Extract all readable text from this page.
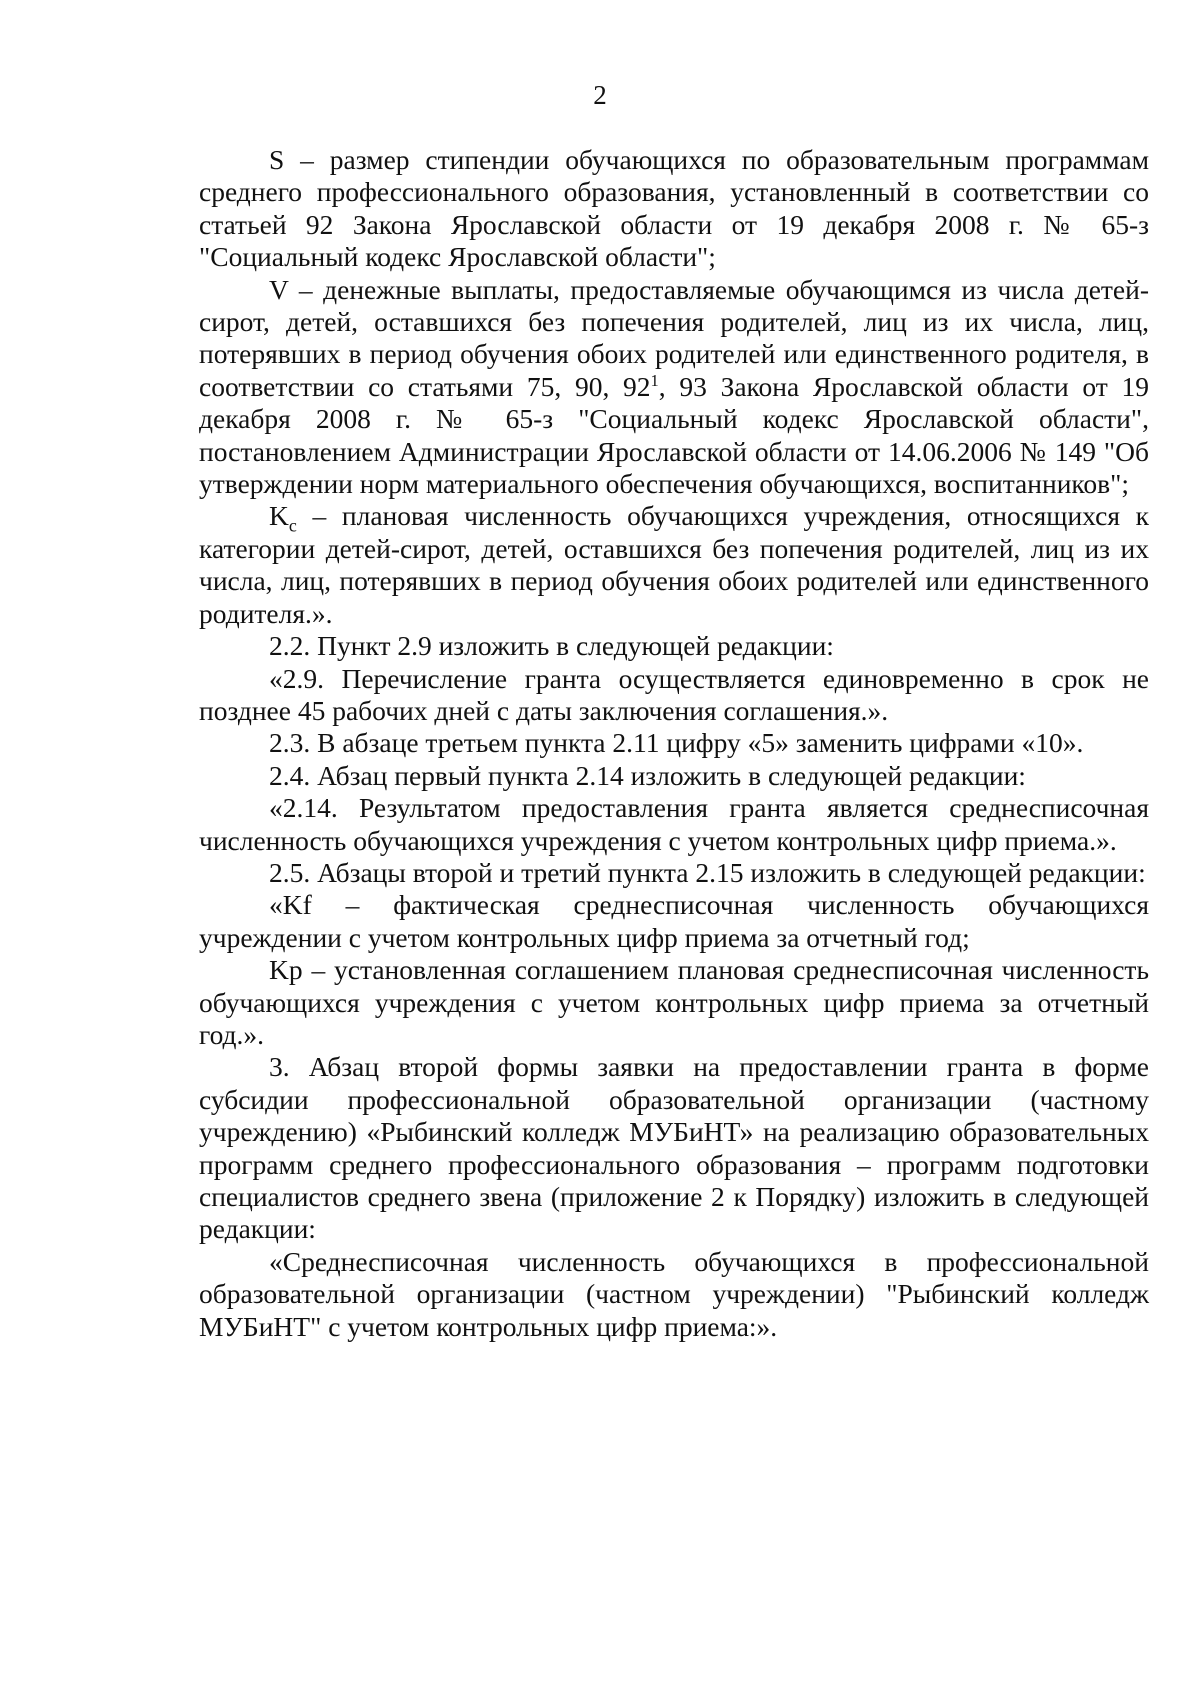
2

S – размер стипендии обучающихся по образовательным программам среднего профессионального образования, установленный в соответствии со статьей 92 Закона Ярославской области от 19 декабря 2008 г. № 65-з "Социальный кодекс Ярославской области";

V – денежные выплаты, предоставляемые обучающимся из числа детей-сирот, детей, оставшихся без попечения родителей, лиц из их числа, лиц, потерявших в период обучения обоих родителей или единственного родителя, в соответствии со статьями 75, 90, $92^1$, 93 Закона Ярославской области от 19 декабря 2008 г. № 65-з "Социальный кодекс Ярославской области", постановлением Администрации Ярославской области от 14.06.2006 № 149 "Об утверждении норм материального обеспечения обучающихся, воспитанников";

$K_c$ – плановая численность обучающихся учреждения, относящихся к категории детей-сирот, детей, оставшихся без попечения родителей, лиц из их числа, лиц, потерявших в период обучения обоих родителей или единственного родителя.».

2.2. Пункт 2.9 изложить в следующей редакции:

«2.9. Перечисление гранта осуществляется единовременно в срок не позднее 45 рабочих дней с даты заключения соглашения.».

2.3. В абзаце третьем пункта 2.11 цифру «5» заменить цифрами «10».

2.4. Абзац первый пункта 2.14 изложить в следующей редакции:

«2.14. Результатом предоставления гранта является среднесписочная численность обучающихся учреждения с учетом контрольных цифр приема.».

2.5. Абзацы второй и третий пункта 2.15 изложить в следующей редакции:

«Kf – фактическая среднесписочная численность обучающихся учреждении с учетом контрольных цифр приема за отчетный год;

Kр – установленная соглашением плановая среднесписочная численность обучающихся учреждения с учетом контрольных цифр приема за отчетный год.».

3. Абзац второй формы заявки на предоставлении гранта в форме субсидии профессиональной образовательной организации (частному учреждению) «Рыбинский колледж МУБиНТ» на реализацию образовательных программ среднего профессионального образования – программ подготовки специалистов среднего звена (приложение 2 к Порядку) изложить в следующей редакции:

«Среднесписочная численность обучающихся в профессиональной образовательной организации (частном учреждении) "Рыбинский колледж МУБиНТ" с учетом контрольных цифр приема:».
